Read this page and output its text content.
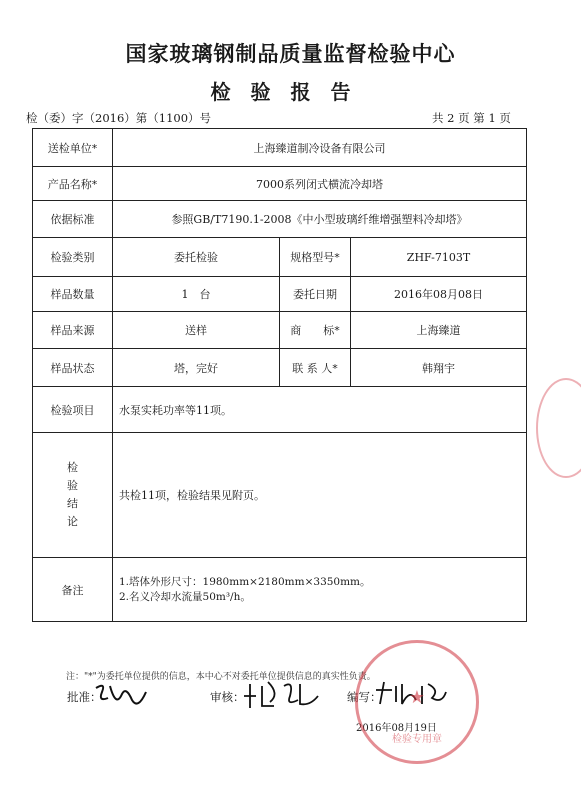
国家玻璃钢制品质量监督检验中心
检验报告
检（委）字（2016）第（1100）号	共 2 页 第 1 页
送检单位*	上海臻道制冷设备有限公司		
产品名称*	7000系列闭式横流冷却塔		
依据标准	参照GB/T7190.1-2008《中小型玻璃纤维增强塑料冷却塔》		
检验类别	委托检验	规格型号*	ZHF-7103T
样品数量	1　台	委托日期	2016年08月08日
样品来源	送样	商　　标*	上海臻道
样品状态	塔，完好	联 系 人*	韩翔宇
检验项目	水泵实耗功率等11项。		
检验结论	共检11项，检验结果见附页。		
备注	1.塔体外形尺寸：1980mm×2180mm×3350mm。
2.名义冷却水流量50m³/h。		
注："*"为委托单位提供的信息，本中心不对委托单位提供信息的真实性负责。
批准：	审核：	编写：
2016年08月19日
★
检验专用章
